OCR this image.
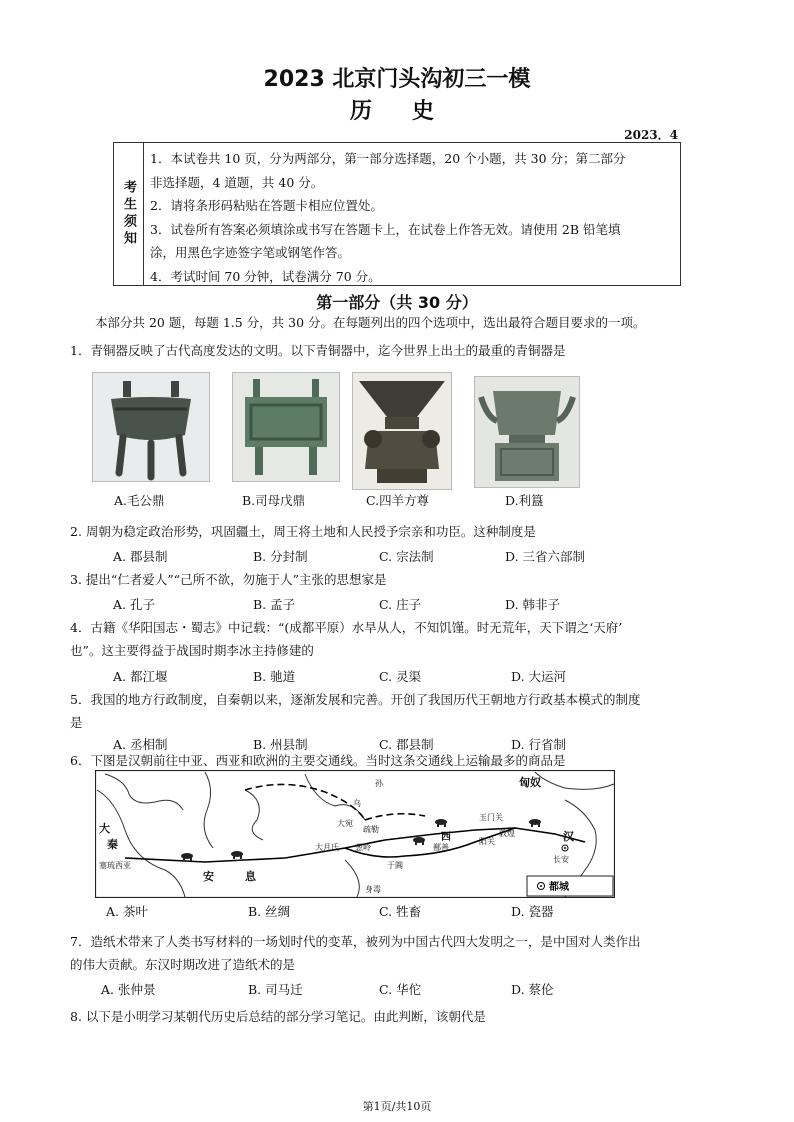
2023 北京门头沟初三一模
历史
2023．4
考生须知
1．本试卷共 10 页，分为两部分，第一部分选择题，20 个小题，共 30 分；第二部分
非选择题，4 道题，共 40 分。
2．请将条形码粘贴在答题卡相应位置处。
3．试卷所有答案必须填涂或书写在答题卡上，在试卷上作答无效。请使用 2B 铅笔填
涂，用黑色字迹签字笔或钢笔作答。
4．考试时间 70 分钟，试卷满分 70 分。
第一部分（共 30 分）
本部分共 20 题，每题 1.5 分，共 30 分。在每题列出的四个选项中，选出最符合题目要求的一项。
1．青铜器反映了古代高度发达的文明。以下青铜器中，迄今世界上出土的最重的青铜器是
A.毛公鼎	B.司母戊鼎	C.四羊方尊	D.利簋
2. 周朝为稳定政治形势，巩固疆土，周王将土地和人民授予宗亲和功臣。这种制度是
A. 郡县制	B. 分封制	C. 宗法制	D. 三省六部制
3. 提出“仁者爱人”“己所不欲，勿施于人”主张的思想家是
A. 孔子	B. 孟子	C. 庄子	D. 韩非子
4．古籍《华阳国志・蜀志》中记载：“(成都平原）水旱从人，不知饥馑。时无荒年，天下谓之‘天府’
也”。这主要得益于战国时期李冰主持修建的
A. 都江堰	B. 驰道	C. 灵渠	D. 大运河
5．我国的地方行政制度，自秦朝以来，逐渐发展和完善。开创了我国历代王朝地方行政基本模式的制度
是
A. 丞相制	B. 州县制	C. 郡县制	D. 行省制
6．下图是汉朝前往中亚、西亚和欧洲的主要交通线。当时这条交通线上运输最多的商品是
匈奴
孙
乌
大宛
疏勒
玉门关
敦煌
阳关	汉
大
秦
塞琉西亚
安	息
大月氏 葱岭	鄯善
于阗
身毒
长安
西
都城
A. 茶叶	B. 丝绸	C. 牲畜	D. 瓷器
7．造纸术带来了人类书写材料的一场划时代的变革，被列为中国古代四大发明之一，是中国对人类作出
的伟大贡献。东汉时期改进了造纸术的是
A. 张仲景	B. 司马迁	C. 华佗	D. 蔡伦
8. 以下是小明学习某朝代历史后总结的部分学习笔记。由此判断，该朝代是
第1页/共10页
